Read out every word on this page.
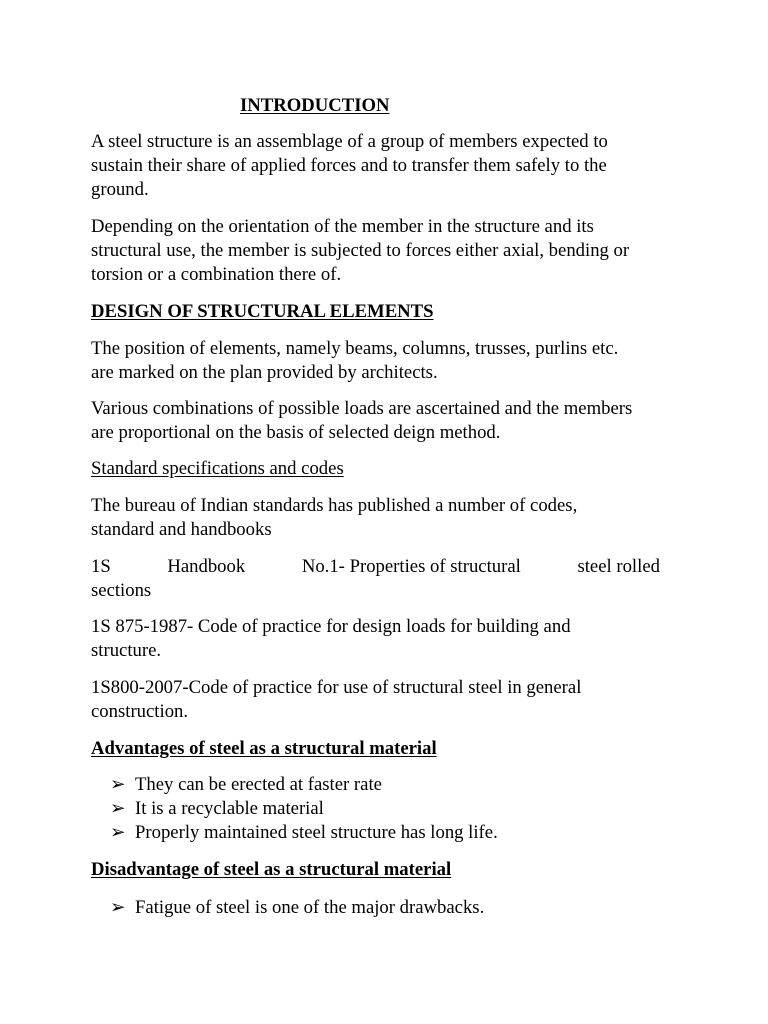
INTRODUCTION
A steel structure is an assemblage of a group of members expected to
sustain their share of applied forces and to transfer them safely to the
ground.
Depending on the orientation of the member in the structure and its
structural use, the member is subjected to forces either axial, bending or
torsion or a combination there of.
DESIGN OF STRUCTURAL ELEMENTS
The position of elements, namely beams, columns, trusses, purlins etc.
are marked on the plan provided by architects.
Various combinations of possible loads are ascertained and the members
are proportional on the basis of selected deign method.
Standard specifications and codes
The bureau of Indian standards has published a number of codes,
standard and handbooks
1S	Handbook	No.1- Properties of structural	steel rolled
sections
1S 875-1987- Code of practice for design loads for building and
structure.
1S800-2007-Code of practice for use of structural steel in general
construction.
Advantages of steel as a structural material
➢ They can be erected at faster rate
➢ It is a recyclable material
➢ Properly maintained steel structure has long life.
Disadvantage of steel as a structural material
➢ Fatigue of steel is one of the major drawbacks.
